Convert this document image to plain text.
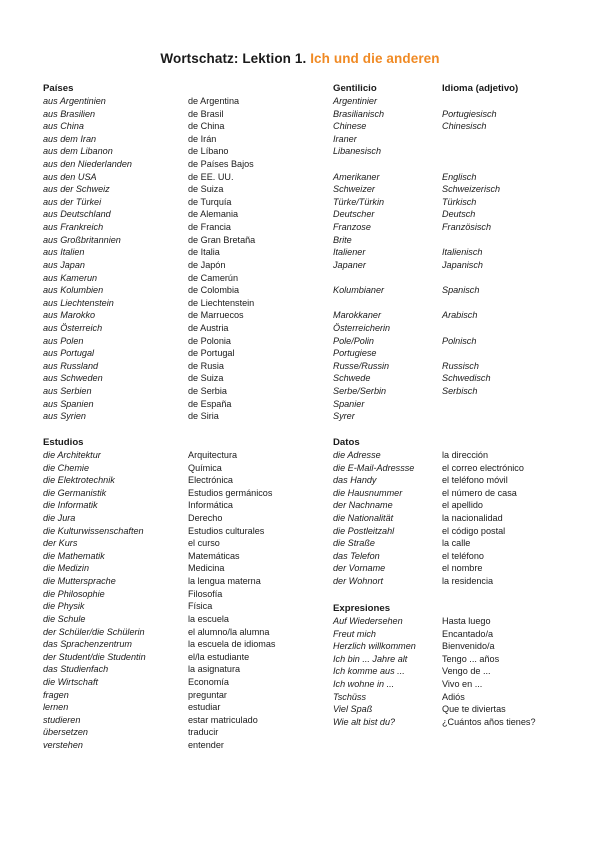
Wortschatz: Lektion 1. Ich und die anderen
Países	Gentilicio	Idioma (adjetivo)
aus Argentinien
aus Brasilien
aus China
aus dem Iran
aus dem Libanon
aus den Niederlanden
aus den USA
aus der Schweiz
aus der Türkei
aus Deutschland
aus Frankreich
aus Großbritannien
aus Italien
aus Japan
aus Kamerun
aus Kolumbien
aus Liechtenstein
aus Marokko
aus Österreich
aus Polen
aus Portugal
aus Russland
aus Schweden
aus Serbien
aus Spanien
aus Syrien
de Argentina
de Brasil
de China
de Irán
de Líbano
de Países Bajos
de EE. UU.
de Suiza
de Turquía
de Alemania
de Francia
de Gran Bretaña
de Italia
de Japón
de Camerún
de Colombia
de Liechtenstein
de Marruecos
de Austria
de Polonia
de Portugal
de Rusia
de Suiza
de Serbia
de España
de Siria
Argentinier
Brasilianisch
Chinese
Iraner
Libanesisch
Amerikaner
Schweizer
Türke/Türkin
Deutscher
Franzose
Brite
Italiener
Japaner
Kolumbianer
Marokkaner
Österreicherin
Pole/Polin
Portugiese
Russe/Russin
Schwede
Serbe/Serbin
Spanier
Syrer
Portugiesisch
Chinesisch
Englisch
Schweizerisch
Türkisch
Deutsch
Französisch
Italienisch
Japanisch
Spanisch
Arabisch
Polnisch
Russisch
Schwedisch
Serbisch
Estudios
die Architektur
die Chemie
die Elektrotechnik
die Germanistik
die Informatik
die Jura
die Kulturwissenschaften
der Kurs
die Mathematik
die Medizin
die Muttersprache
die Philosophie
die Physik
die Schule
der Schüler/die Schülerin
das Sprachenzentrum
der Student/die Studentin
das Studienfach
die Wirtschaft
fragen
lernen
studieren
übersetzen
verstehen
Arquitectura
Química
Electrónica
Estudios germánicos
Informática
Derecho
Estudios culturales
el curso
Matemáticas
Medicina
la lengua materna
Filosofía
Física
la escuela
el alumno/la alumna
la escuela de idiomas
el/la estudiante
la asignatura
Economía
preguntar
estudiar
estar matriculado
traducir
entender
Datos
die Adresse
die E-Mail-Adressse
das Handy
die Hausnummer
der Nachname
die Nationalität
die Postleitzahl
die Straße
das Telefon
der Vorname
der Wohnort
la dirección
el correo electrónico
el teléfono móvil
el número de casa
el apellido
la nacionalidad
el código postal
la calle
el teléfono
el nombre
la residencia
Expresiones
Auf Wiedersehen
Freut mich
Herzlich willkommen
Ich bin ... Jahre alt
Ich komme aus ...
Ich wohne in ...
Tschüss
Viel Spaß
Wie alt bist du?
Hasta luego
Encantado/a
Bienvenido/a
Tengo ... años
Vengo de ...
Vivo en ...
Adiós
Que te diviertas
¿Cuántos años tienes?
